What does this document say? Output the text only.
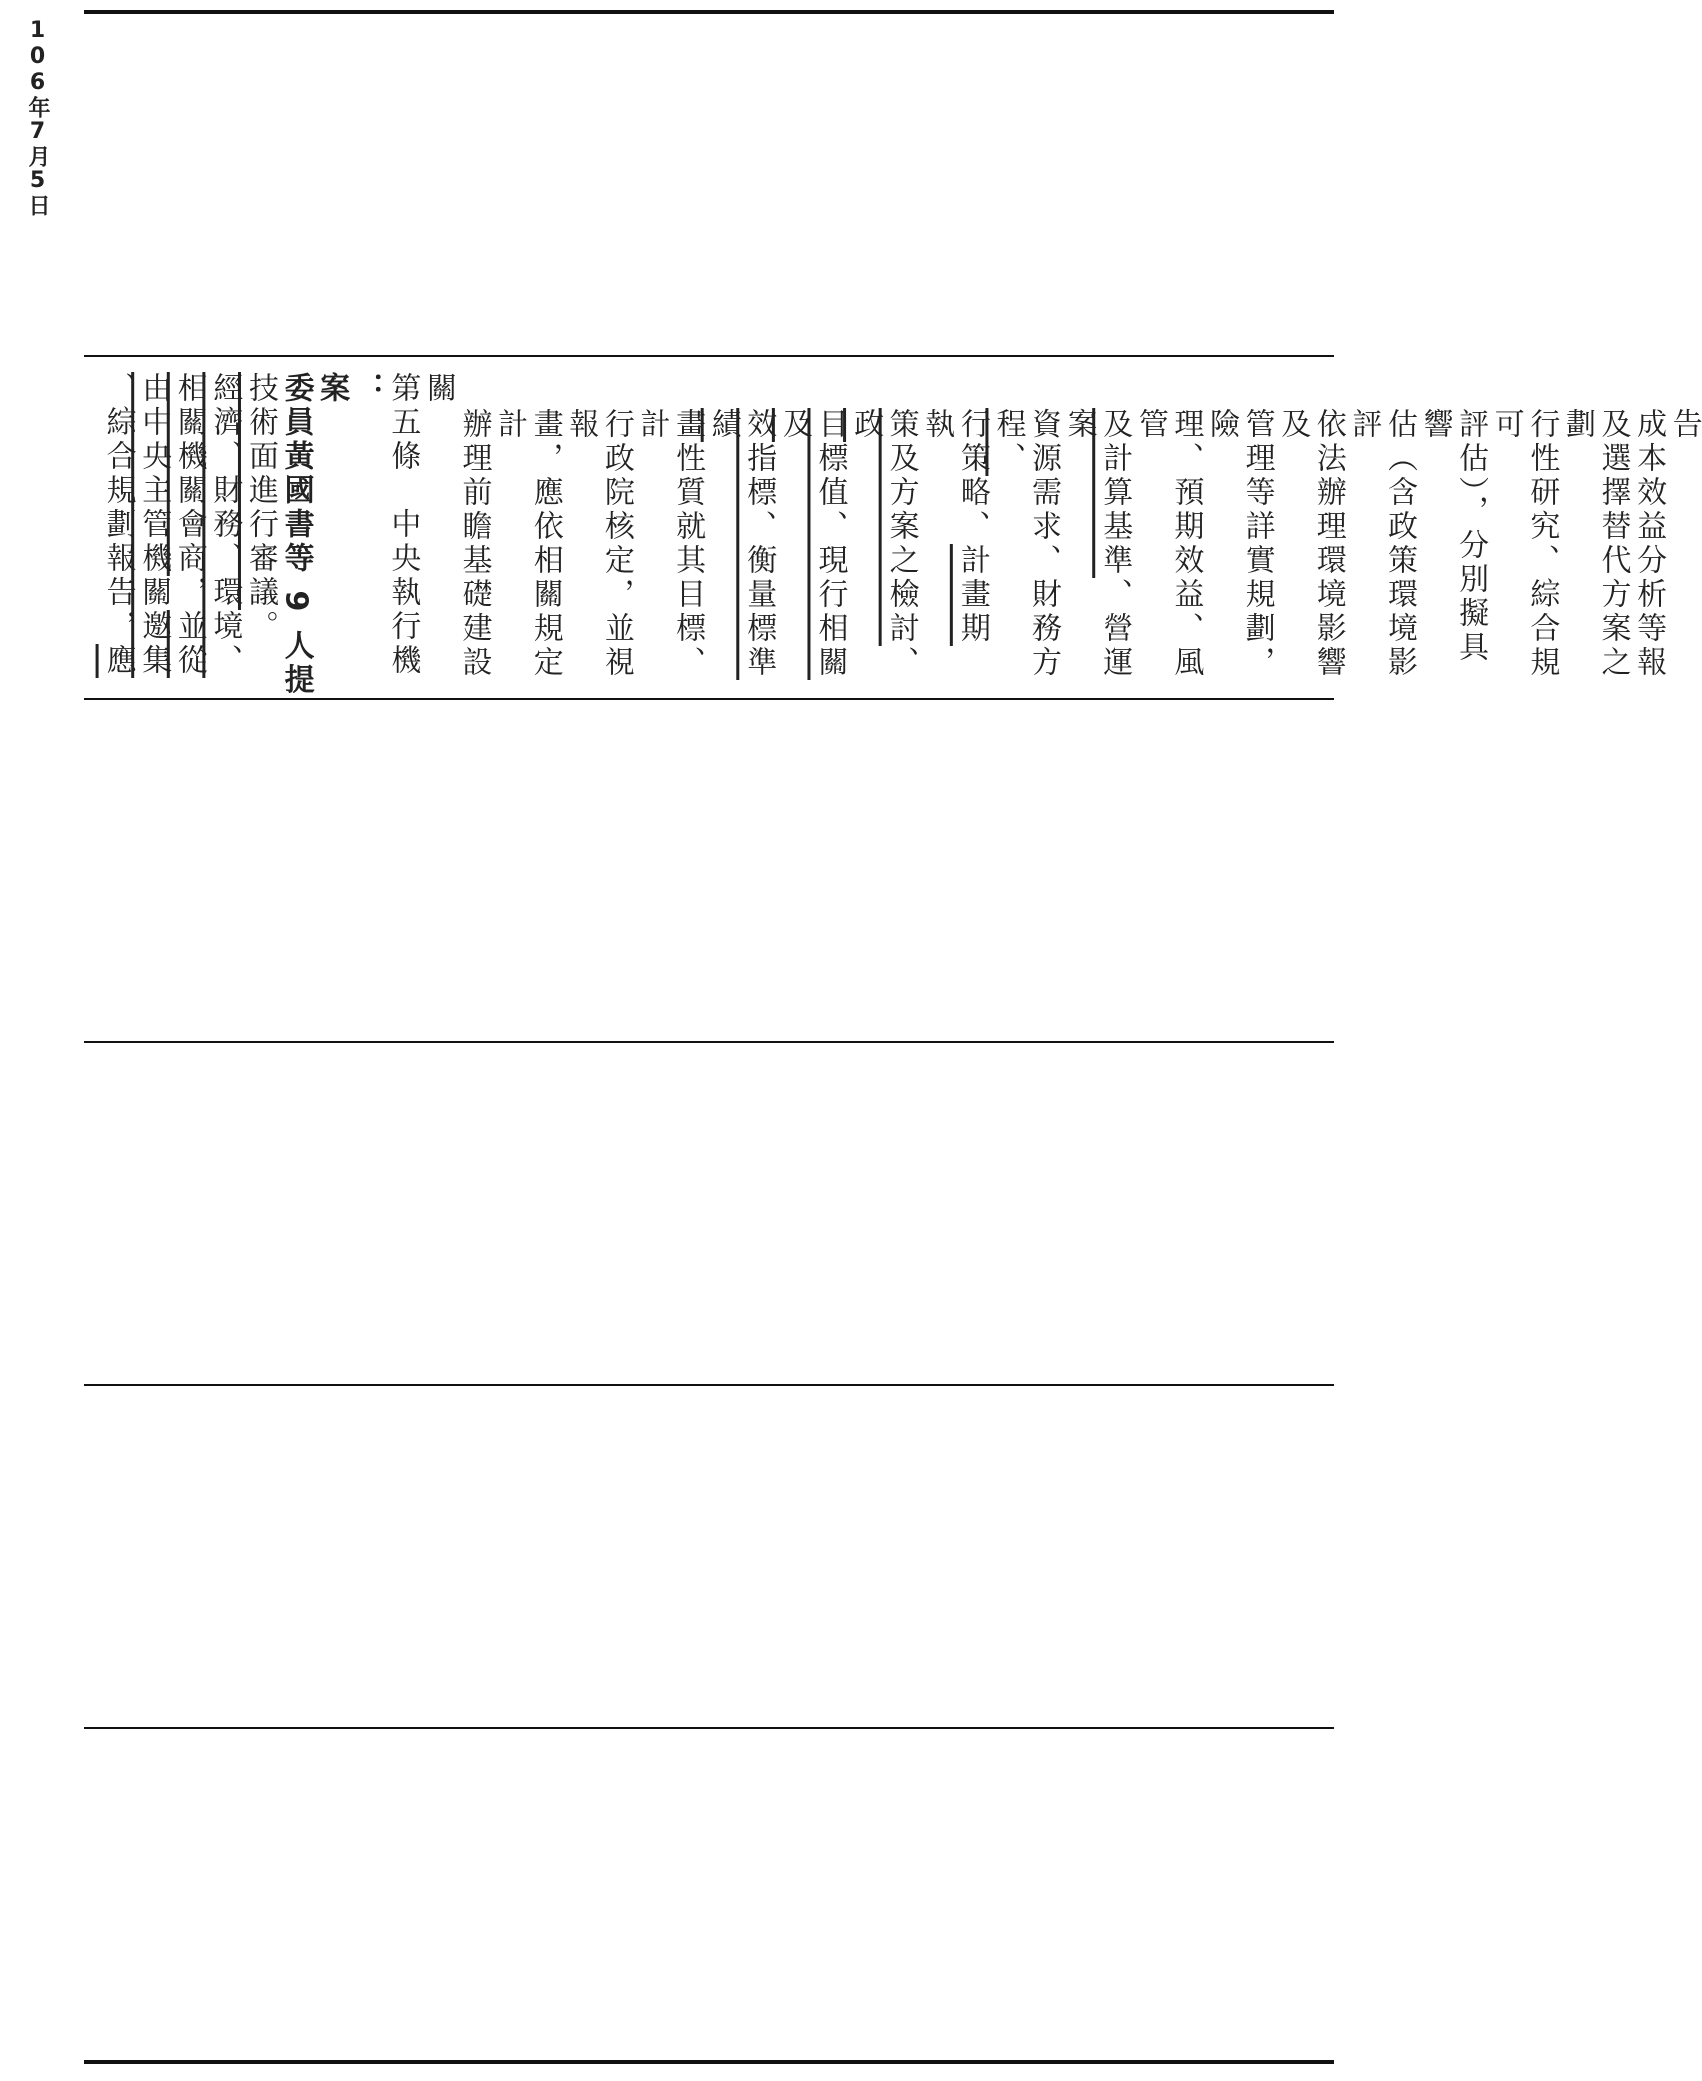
106年7月5日
、綜合規劃報告，應 由中央主管機關邀集 相關機關會商，並從 經濟、財務、環境、 技術面進行審議。 委員黃國書等 9 人提案 ： 第五條　中央執行機關
辦理前瞻基礎建設計 畫，應依相關規定報 行政院核定，並視計 畫性質就其目標、績 效指標、衡量標準及 目標值、現行相關政 策及方案之檢討、執 行策略、計畫期程、 資源需求、財務方案 及計算基準、營運管 理、預期效益、風險 管理等詳實規劃，及 依法辦理環境影響評 估（含政策環境影響 評估），分別擬具可 行性研究、綜合規劃 及選擇替代方案之 成本效益分析等報告
